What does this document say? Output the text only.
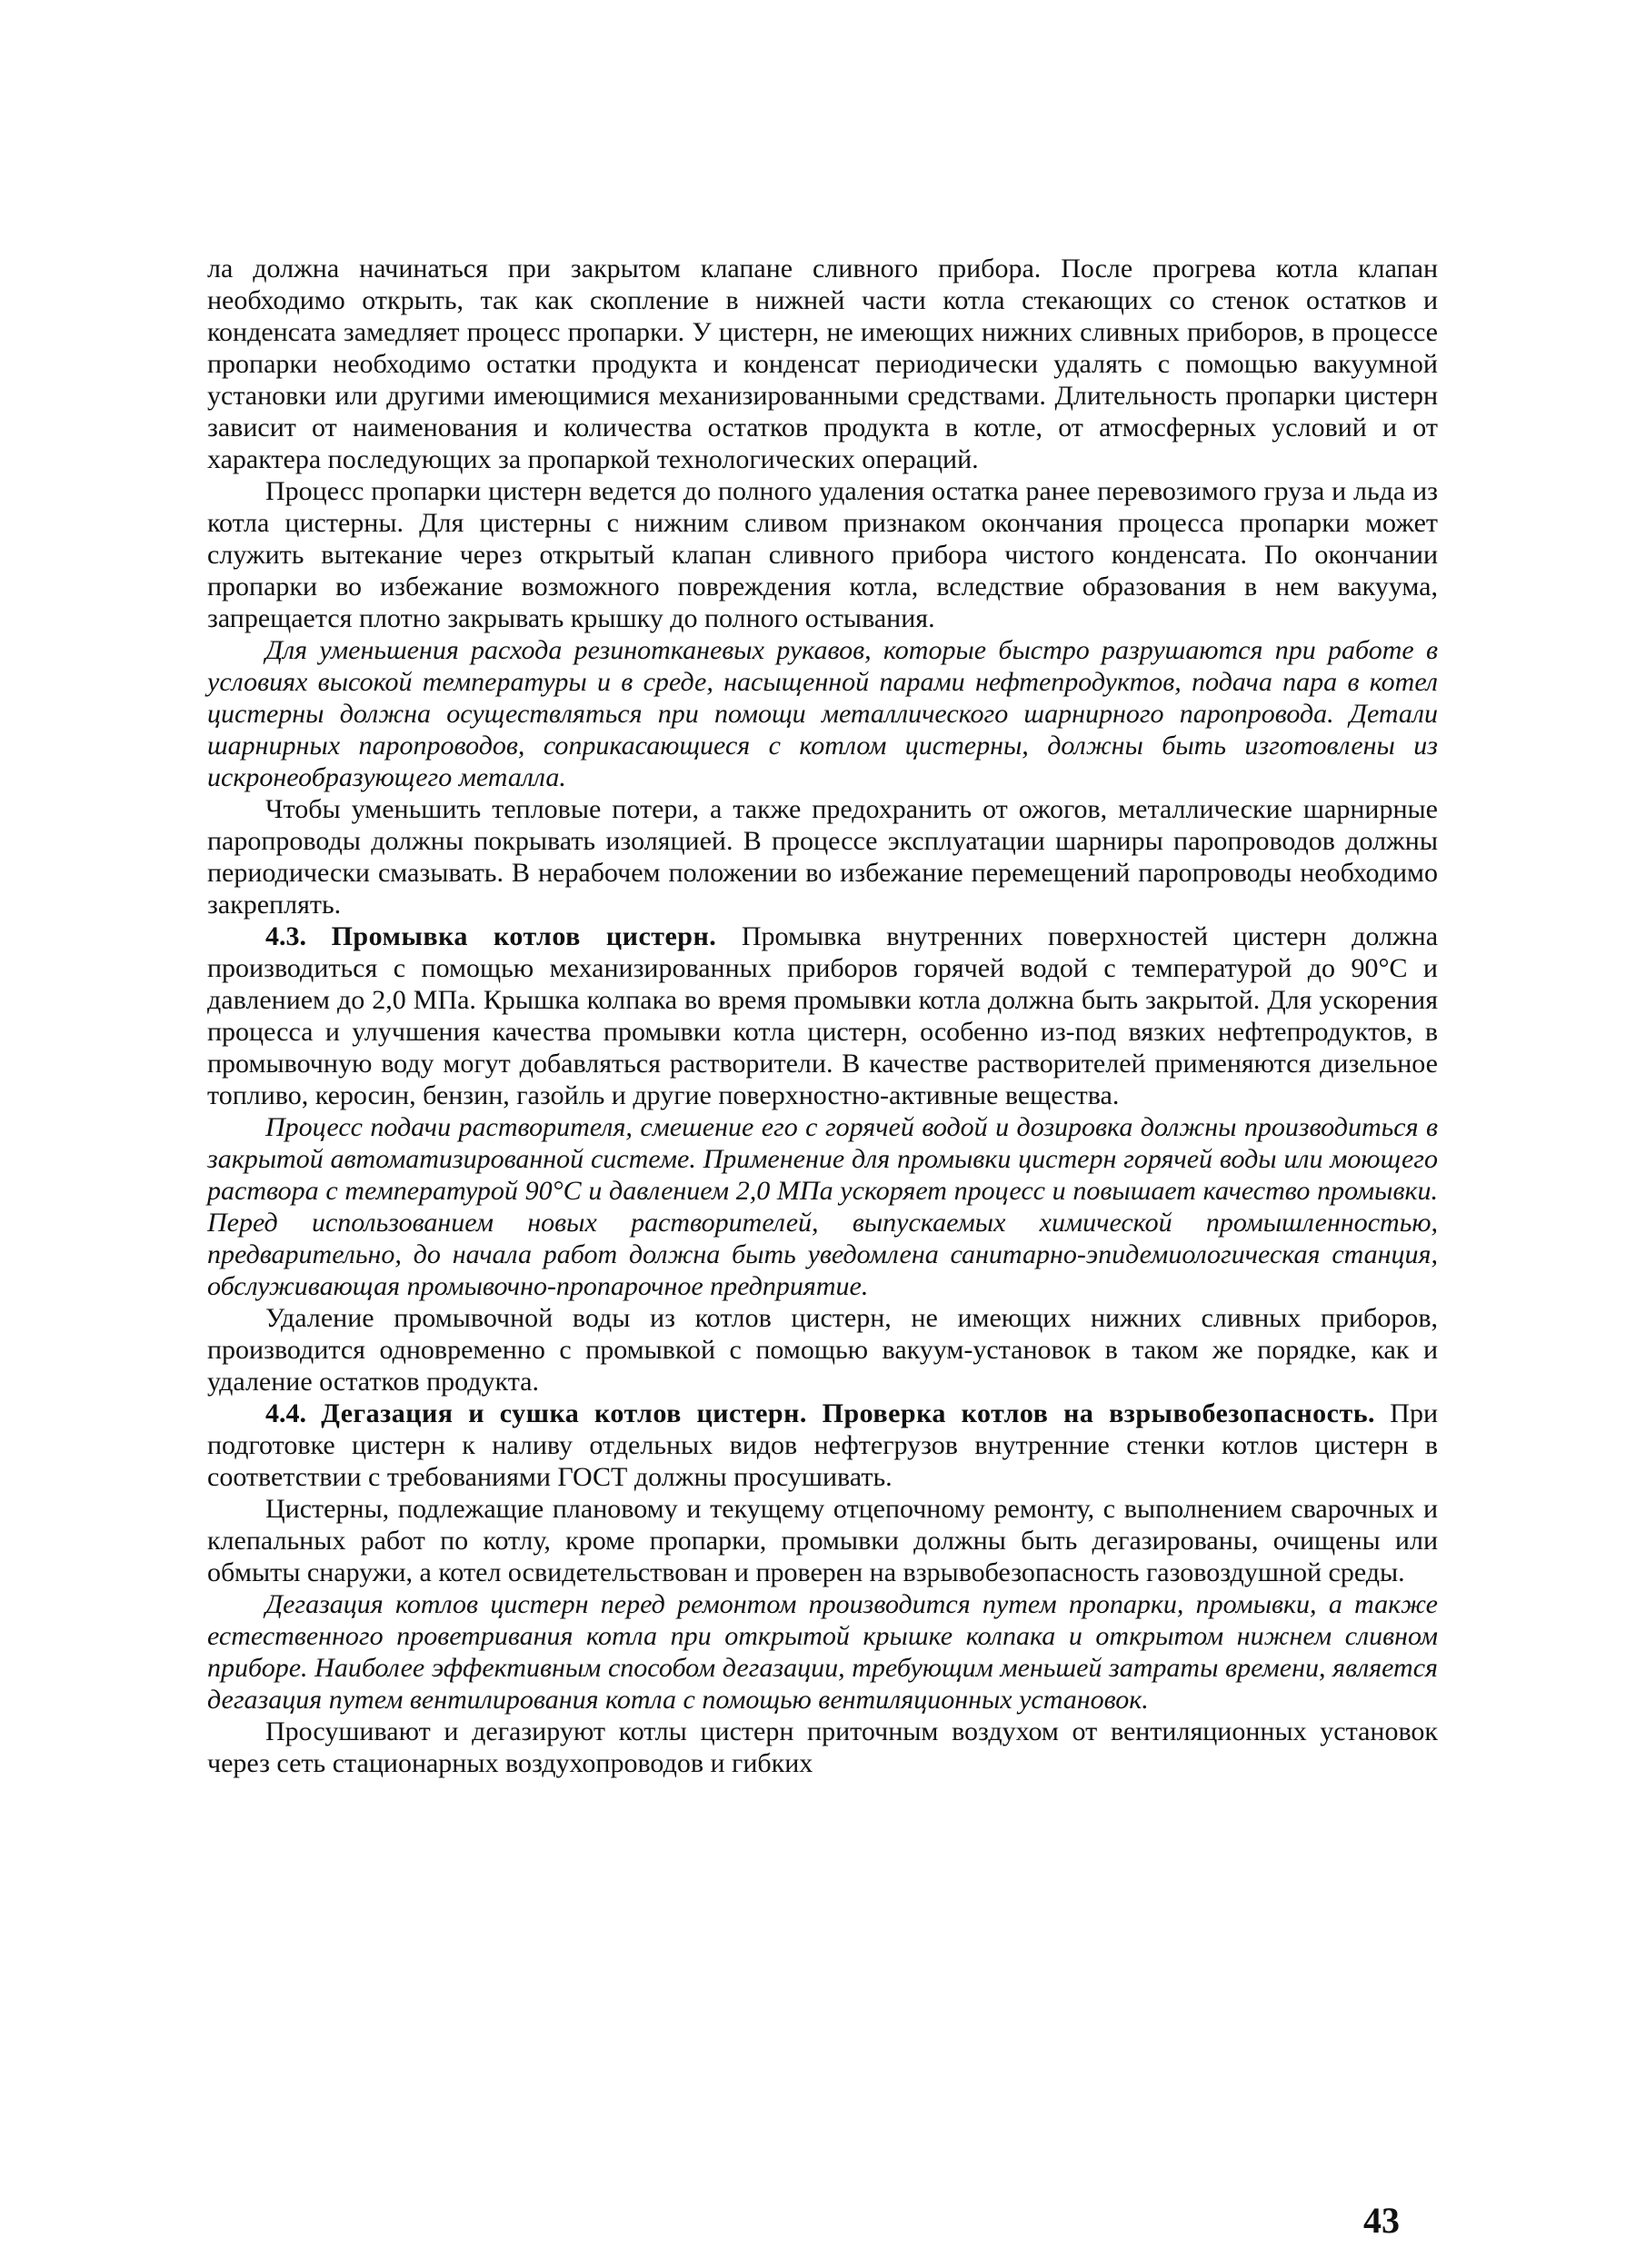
ла должна начинаться при закрытом клапане сливного прибора. После прогрева котла клапан необходимо открыть, так как скопление в нижней части котла стекающих со стенок остатков и конденсата замедляет процесс пропарки. У цистерн, не имеющих нижних сливных приборов, в процессе пропарки необходимо остатки продукта и конденсат периодически удалять с помощью вакуумной установки или другими имеющимися механизированными средствами. Длительность пропарки цистерн зависит от наименования и количества остатков продукта в котле, от атмосферных условий и от характера последующих за пропаркой технологических операций.

Процесс пропарки цистерн ведется до полного удаления остатка ранее перевозимого груза и льда из котла цистерны. Для цистерны с нижним сливом признаком окончания процесса пропарки может служить вытекание через открытый клапан сливного прибора чистого конденсата. По окончании пропарки во избежание возможного повреждения котла, вследствие образования в нем вакуума, запрещается плотно закрывать крышку до полного остывания.

Для уменьшения расхода резинотканевых рукавов, которые быстро разрушаются при работе в условиях высокой температуры и в среде, насыщенной парами нефтепродуктов, подача пара в котел цистерны должна осуществляться при помощи металлического шарнирного паропровода. Детали шарнирных паропроводов, соприкасающиеся с котлом цистерны, должны быть изготовлены из искронеобразующего металла.

Чтобы уменьшить тепловые потери, а также предохранить от ожогов, металлические шарнирные паропроводы должны покрывать изоляцией. В процессе эксплуатации шарниры паропроводов должны периодически смазывать. В нерабочем положении во избежание перемещений паропроводы необходимо закреплять.

4.3. Промывка котлов цистерн. Промывка внутренних поверхностей цистерн должна производиться с помощью механизированных приборов горячей водой с температурой до 90°С и давлением до 2,0 МПа. Крышка колпака во время промывки котла должна быть закрытой. Для ускорения процесса и улучшения качества промывки котла цистерн, особенно из-под вязких нефтепродуктов, в промывочную воду могут добавляться растворители. В качестве растворителей применяются дизельное топливо, керосин, бензин, газойль и другие поверхностно-активные вещества.

Процесс подачи растворителя, смешение его с горячей водой и дозировка должны производиться в закрытой автоматизированной системе. Применение для промывки цистерн горячей воды или моющего раствора с температурой 90°С и давлением 2,0 МПа ускоряет процесс и повышает качество промывки. Перед использованием новых растворителей, выпускаемых химической промышленностью, предварительно, до начала работ должна быть уведомлена санитарно-эпидемиологическая станция, обслуживающая промывочно-пропарочное предприятие.

Удаление промывочной воды из котлов цистерн, не имеющих нижних сливных приборов, производится одновременно с промывкой с помощью вакуум-установок в таком же порядке, как и удаление остатков продукта.

4.4. Дегазация и сушка котлов цистерн. Проверка котлов на взрывобезопасность. При подготовке цистерн к наливу отдельных видов нефтегрузов внутренние стенки котлов цистерн в соответствии с требованиями ГОСТ должны просушивать.

Цистерны, подлежащие плановому и текущему отцепочному ремонту, с выполнением сварочных и клепальных работ по котлу, кроме пропарки, промывки должны быть дегазированы, очищены или обмыты снаружи, а котел освидетельствован и проверен на взрывобезопасность газовоздушной среды.

Дегазация котлов цистерн перед ремонтом производится путем пропарки, промывки, а также естественного проветривания котла при открытой крышке колпака и открытом нижнем сливном приборе. Наиболее эффективным способом дегазации, требующим меньшей затраты времени, является дегазация путем вентилирования котла с помощью вентиляционных установок.

Просушивают и дегазируют котлы цистерн приточным воздухом от вентиляционных установок через сеть стационарных воздухопроводов и гибких

43
